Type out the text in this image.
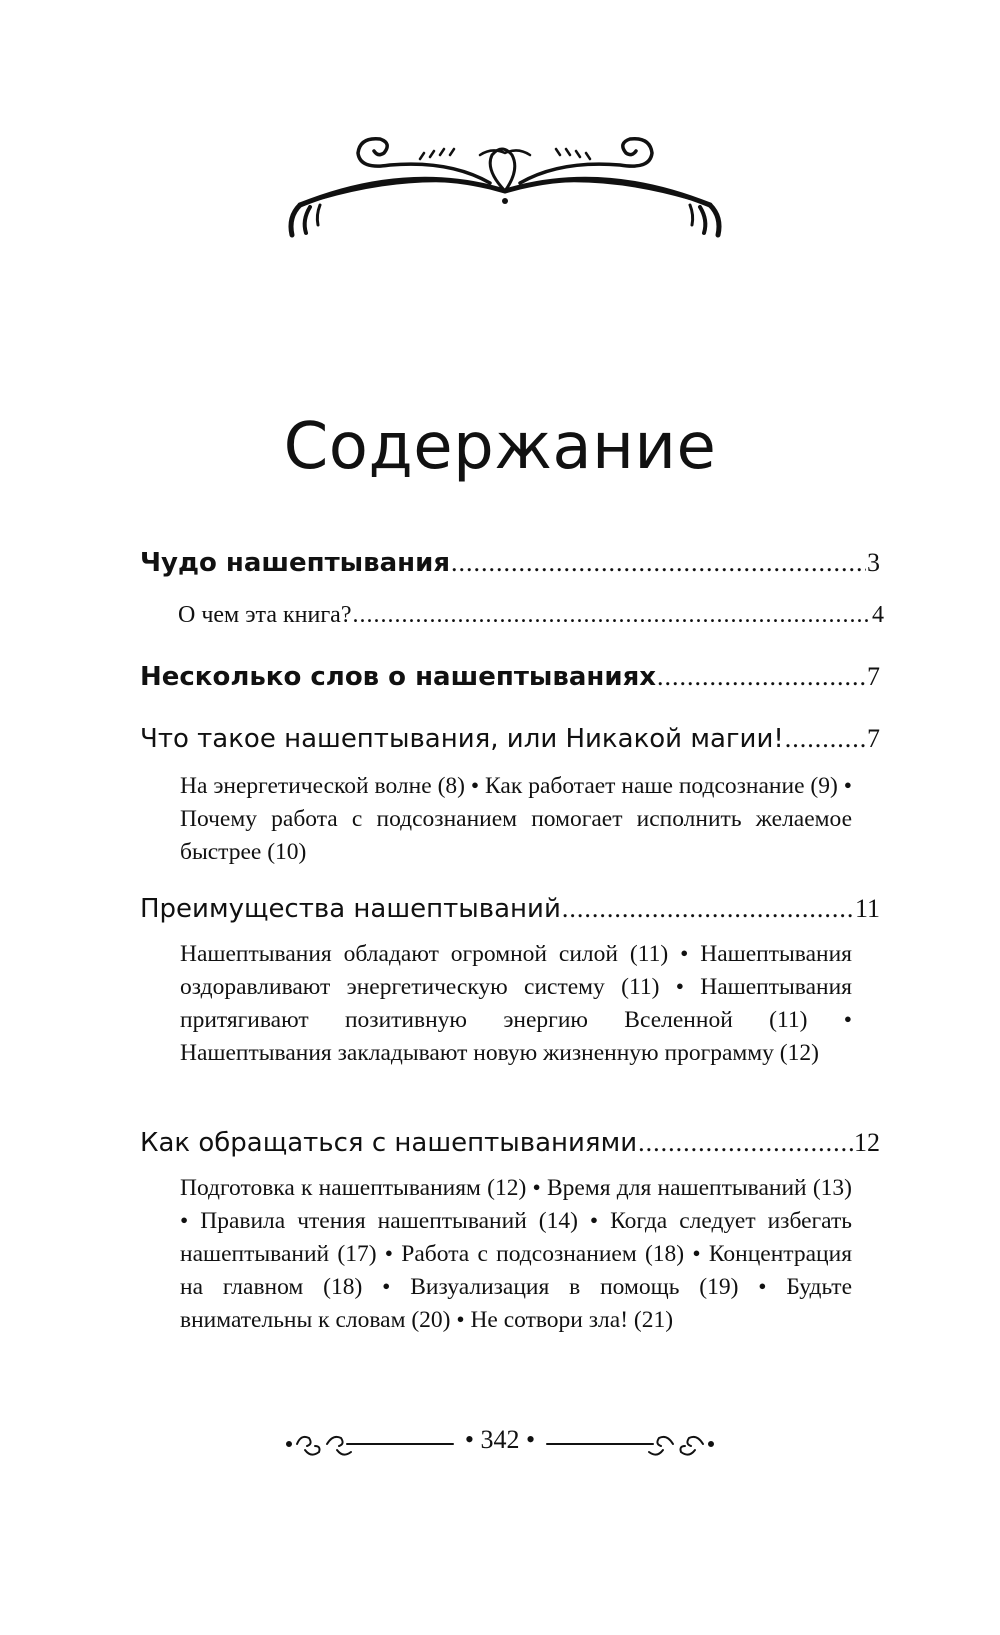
Содержание
Чудо нашептывания .....	3
О чем эта книга? .....	4
Несколько слов о нашептываниях .....	7
Что такое нашептывания, или Никакой магии! .....	7
На энергетической волне (8) • Как работает наше подсознание (9) • Почему работа с подсознанием помогает исполнить желаемое быстрее (10)
Преимущества нашептываний .....	11
Нашептывания обладают огромной силой (11) • Нашептывания оздоравливают энергетическую систему (11) • Нашептывания притягивают позитивную энергию Вселенной (11) • Нашептывания закладывают новую жизненную программу (12)
Как обращаться с нашептываниями .....	12
Подготовка к нашептываниям (12) • Время для нашептываний (13) • Правила чтения нашептываний (14) • Когда следует избегать нашептываний (17) • Работа с подсознанием (18) • Концентрация на главном (18) • Визуализация в помощь (19) • Будьте внимательны к словам (20) • Не сотвори зла! (21)
• 342 •
